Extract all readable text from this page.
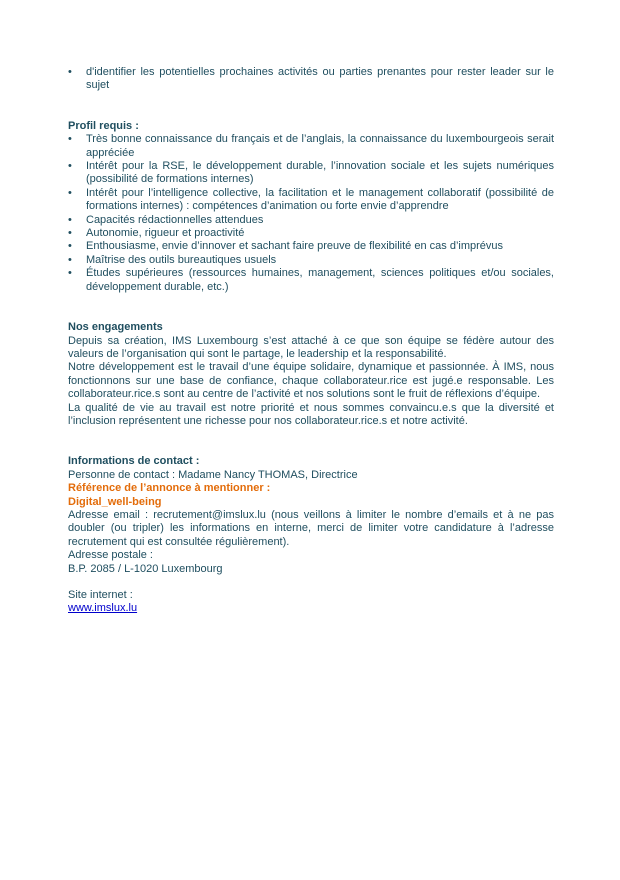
• d'identifier les potentielles prochaines activités ou parties prenantes pour rester leader sur le sujet
Profil requis :
• Très bonne connaissance du français et de l’anglais, la connaissance du luxembourgeois serait appréciée
• Intérêt pour la RSE, le développement durable, l’innovation sociale et les sujets numériques (possibilité de formations internes)
• Intérêt pour l’intelligence collective, la facilitation et le management collaboratif (possibilité de formations internes) : compétences d’animation ou forte envie d’apprendre
• Capacités rédactionnelles attendues
• Autonomie, rigueur et proactivité
• Enthousiasme, envie d’innover et sachant faire preuve de flexibilité en cas d’imprévus
• Maîtrise des outils bureautiques usuels
• Études supérieures (ressources humaines, management, sciences politiques et/ou sociales, développement durable, etc.)
Nos engagements

Depuis sa création, IMS Luxembourg s’est attaché à ce que son équipe se fédère autour des valeurs de l’organisation qui sont le partage, le leadership et la responsabilité.

Notre développement est le travail d’une équipe solidaire, dynamique et passionnée. À IMS, nous fonctionnons sur une base de confiance, chaque collaborateur.rice est jugé.e responsable. Les collaborateur.rice.s sont au centre de l’activité et nos solutions sont le fruit de réflexions d’équipe.

La qualité de vie au travail est notre priorité et nous sommes convaincu.e.s que la diversité et l’inclusion représentent une richesse pour nos collaborateur.rice.s et notre activité.

Informations de contact :
Personne de contact : Madame Nancy THOMAS, Directrice
Référence de l’annonce à mentionner :
Digital_well-being
Adresse email : recrutement@imslux.lu (nous veillons à limiter le nombre d’emails et à ne pas doubler (ou tripler) les informations en interne, merci de limiter votre candidature à l’adresse recrutement qui est consultée régulièrement).
Adresse postale :
B.P. 2085 / L-1020 Luxembourg
Site internet :
www.imslux.lu
